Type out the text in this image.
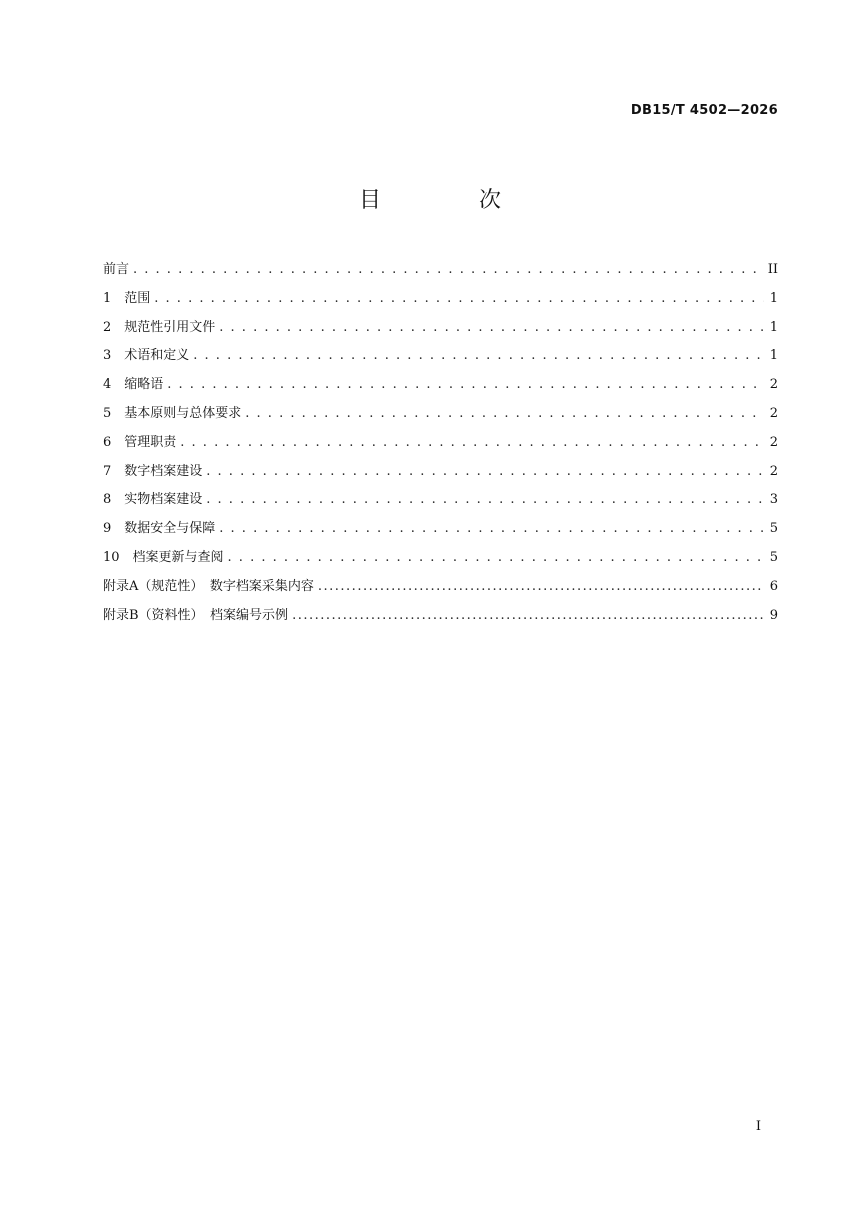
DB15/T 4502—2026
目　次
前言 . . .	II
1　范围 . . .	1
2　规范性引用文件 . . .	1
3　术语和定义 . . .	1
4　缩略语 . . .	2
5　基本原则与总体要求 . . .	2
6　管理职责 . . .	2
7　数字档案建设 . . .	2
8　实物档案建设 . . .	3
9　数据安全与保障 . . .	5
10　档案更新与查阅 . . .	5
附录A（规范性）　数字档案采集内容 .....	6
附录B（资料性）　档案编号示例 .....	9
I
